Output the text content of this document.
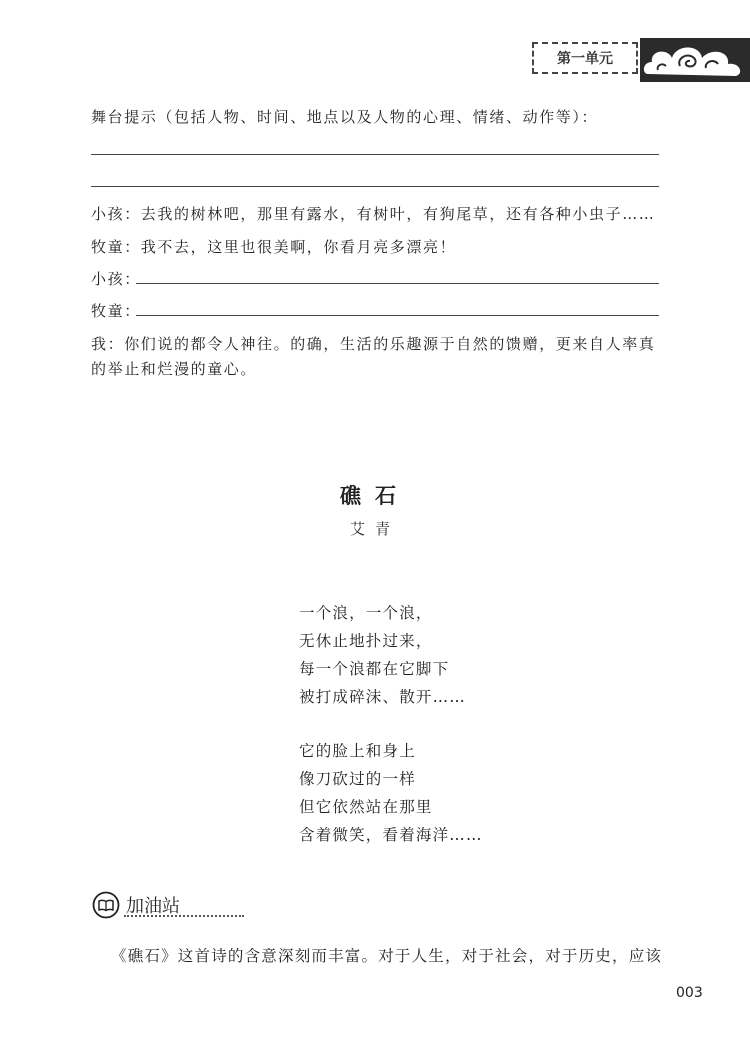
第一单元
舞台提示（包括人物、时间、地点以及人物的心理、情绪、动作等）：
小孩：去我的树林吧，那里有露水，有树叶，有狗尾草，还有各种小虫子……
牧童：我不去，这里也很美啊，你看月亮多漂亮！
小孩：
牧童：
我：你们说的都令人神往。的确，生活的乐趣源于自然的馈赠，更来自人率真
的举止和烂漫的童心。
礁石
艾青
一个浪，一个浪，
无休止地扑过来，
每一个浪都在它脚下
被打成碎沫、散开……
它的脸上和身上
像刀砍过的一样
但它依然站在那里
含着微笑，看着海洋……
加油站
《礁石》这首诗的含意深刻而丰富。对于人生，对于社会，对于历史，应该
003
